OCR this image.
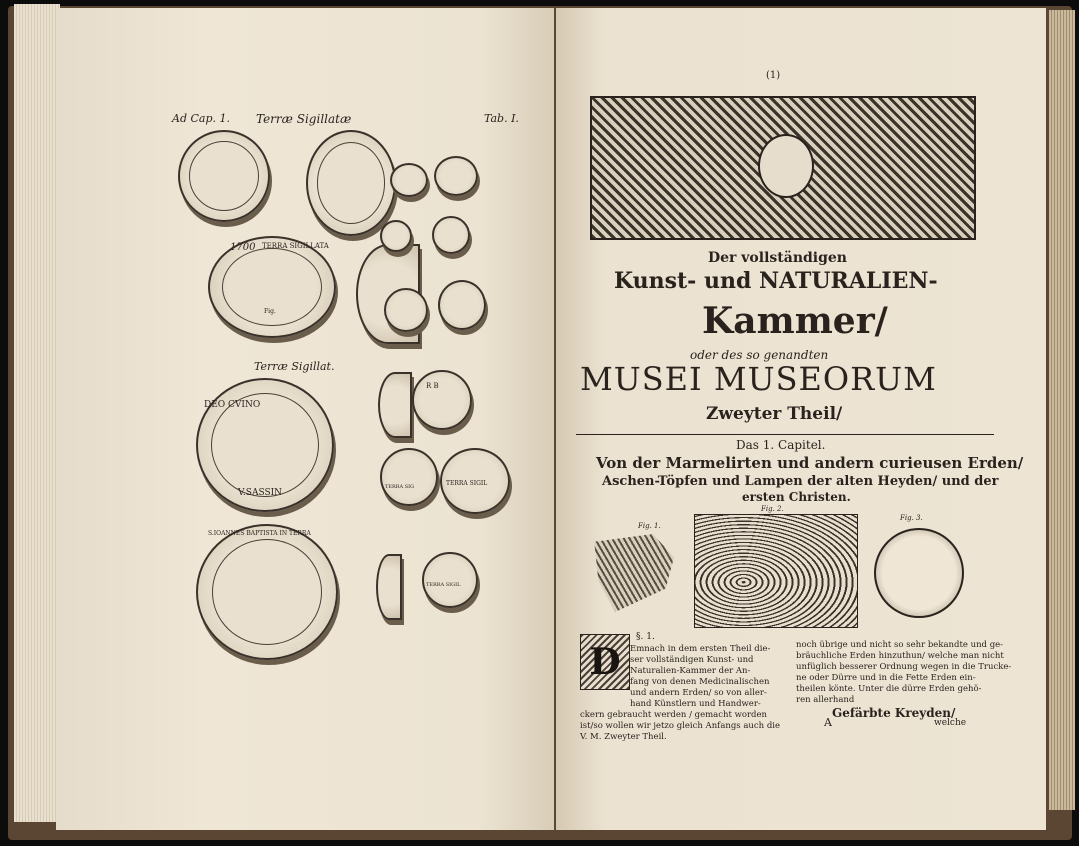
Ad Cap. 1. Terræ Sigillatæ	Tab. I.
1700 TERRA SIGILLATA
Fig.
Terræ Sigillat.
DEO CVINO
V.SASSIN
R B
TERRA SIG	TERRA SIGIL
S.IOANNES BAPTISTA IN TERRA
TERRA SIGIL
(1)
Der vollständigen
Kunst- und NATURALIEN-
Kammer/
oder des so genandten
MUSEI MUSEORUM
Zweyter Theil/
Das 1. Capitel.
Von der Marmelirten und andern curieusen Erden/
Aschen-Töpfen und Lampen der alten Heyden/ und der
ersten Christen.
Fig. 1.
Fig. 2.
Fig. 3.
§. 1.
D	Emnach in dem ersten Theil die-
ser vollständigen Kunst- und
Naturalien-Kammer der An-
fang von denen Medicinalischen
und andern Erden/ so von aller-
hand Künstlern und Handwer-
ckern gebraucht werden / gemacht worden
ist/so wollen wir jetzo gleich Anfangs auch die
V. M. Zweyter Theil.
noch übrige und nicht so sehr bekandte und ge-
bräuchliche Erden hinzuthun/ welche man nicht
unfüglich besserer Ordnung wegen in die Trucke-
ne oder Dürre und in die Fette Erden ein-
theilen könte. Unter die dürre Erden gehö-
ren allerhand
Gefärbte Kreyden/
A	welche
